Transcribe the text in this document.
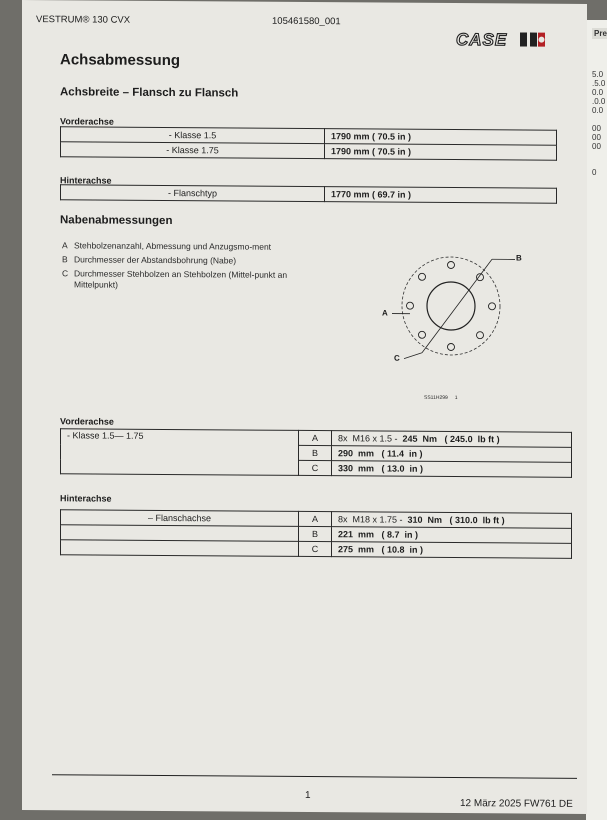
Pre
5.0
.5.0
0.0
.0.0
0.0
00
00
00
0
VESTRUM® 130 CVX	105461580_001
CASE
Achsabmessung
Achsbreite – Flansch zu Flansch
Vorderachse
- Klasse 1.5	1790 mm ( 70.5 in )
- Klasse 1.75	1790 mm ( 70.5 in )
Hinterachse
- Flanschtyp	1770 mm ( 69.7 in )
Nabenabmessungen
A Stehbolzenanzahl, Abmessung und Anzugsmo-ment
B Durchmesser der Abstandsbohrung (Nabe)
C Durchmesser Stehbolzen an Stehbolzen (Mittel-punkt an Mittelpunkt)
B
A
C
SS11H299     1
Vorderachse
- Klasse 1.5— 1.75	A	8x  M16 x 1.5 -  245  Nm   ( 245.0  lb ft )
	B	290  mm   ( 11.4  in )
	C	330  mm   ( 13.0  in )
Hinterachse
– Flanschachse	A	8x  M18 x 1.75 -  310  Nm   ( 310.0  lb ft )
	B	221  mm   ( 8.7  in )
	C	275  mm   ( 10.8  in )
1
12 März 2025 FW761 DE
